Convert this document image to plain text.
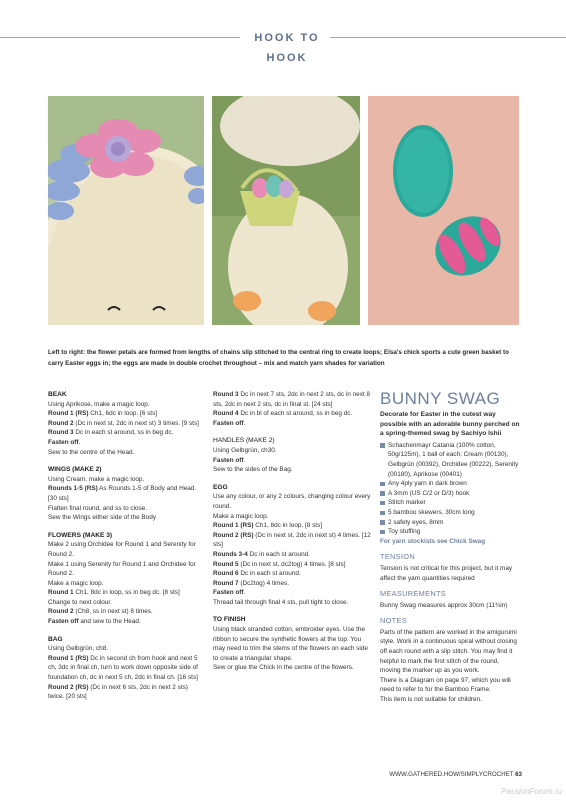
HOOK TO HOOK
Left to right: the flower petals are formed from lengths of chains slip stitched to the central ring to create loops; Elsa's chick sports a cute green basket to carry Easter eggs in; the eggs are made in double crochet throughout – mix and match yarn shades for variation
BEAK

Using Aprikose, make a magic loop.

Round 1 (RS) Ch1, 6dc in loop. [6 sts]

Round 2 (Dc in next st, 2dc in next st) 3 times. [9 sts]

Round 3 Dc in each st around, ss in beg dc.

Fasten off.

Sew to the centre of the Head.

WINGS (MAKE 2)

Using Cream, make a magic loop.

Rounds 1-5 (RS) As Rounds 1-5 of Body and Head. [30 sts]

Flatten final round, and ss to close.

Sew the Wings either side of the Body

FLOWERS (MAKE 3)

Make 2 using Orchidee for Round 1 and Serenity for Round 2.

Make 1 using Serenity for Round 1 and Orchidee for Round 2.

Make a magic loop.

Round 1 Ch1, 8dc in loop, ss in beg dc. [8 sts]

Change to next colour.

Round 2 (Ch8, ss in next st) 8 times.

Fasten off and sew to the Head.

BAG

Using Gelbgrün, ch8.

Round 1 (RS) Dc in second ch from hook and next 5 ch, 3dc in final ch, turn to work down opposite side of foundation ch, dc in next 5 ch, 2dc in final ch. [16 sts]

Round 2 (RS) (Dc in next 6 sts, 2dc in next 2 sts) twice. [20 sts]

Round 3 Dc in next 7 sts, 2dc in next 2 sts, dc in next 8 sts, 2dc in next 2 sts, dc in final st. [24 sts]

Round 4 Dc in bl of each st around, ss in beg dc.

Fasten off.

HANDLES (MAKE 2)

Using Gelbgrün, ch30.

Fasten off.

Sew to the sides of the Bag.

EGG

Use any colour, or any 2 colours, changing colour every round.

Make a magic loop.

Round 1 (RS) Ch1, 8dc in loop. [8 sts]

Round 2 (RS) (Dc in next st, 2dc in next st) 4 times. [12 sts]

Rounds 3-4 Dc in each st around.

Round 5 (Dc in next st, dc2tog) 4 times. [8 sts]

Round 6 Dc in each st around.

Round 7 (Dc2tog) 4 times.

Fasten off.

Thread tail through final 4 sts, pull tight to close.

TO FINISH

Using black stranded cotton, embroider eyes. Use the ribbon to secure the synthetic flowers at the top. You may need to trim the stems of the flowers on each side to create a triangular shape.

Sew or glue the Chick in the centre of the flowers.

BUNNY SWAG

Decorate for Easter in the cutest way possible with an adorable bunny perched on a spring-themed swag by Sachiyo Ishii

Schachenmayr Catania (100% cotton, 50g/125m), 1 ball of each: Cream (00130), Gelbgrün (00392), Orchidee (00222), Serenity (00180), Aprikose (00401)
Any 4ply yarn in dark brown
A 3mm (US C/2 or D/3) hook
Stitch marker
5 bamboo skewers, 30cm long
2 safety eyes, 8mm
Toy stuffing

For yarn stockists see Chick Swag

TENSION

Tension is not critical for this project, but it may affect the yarn quantities required

MEASUREMENTS

Bunny Swag measures approx 30cm (11¾in)

NOTES

Parts of the pattern are worked in the amigurumi style. Work in a continuous spiral without closing off each round with a slip stitch. You may find it helpful to mark the first stitch of the round, moving the marker up as you work.

There is a Diagram on page 97, which you will need to refer to for the Bamboo Frame.

This item is not suitable for children.

WWW.GATHERED.HOW/SIMPLYCROCHET 63
PassionForum.ru
